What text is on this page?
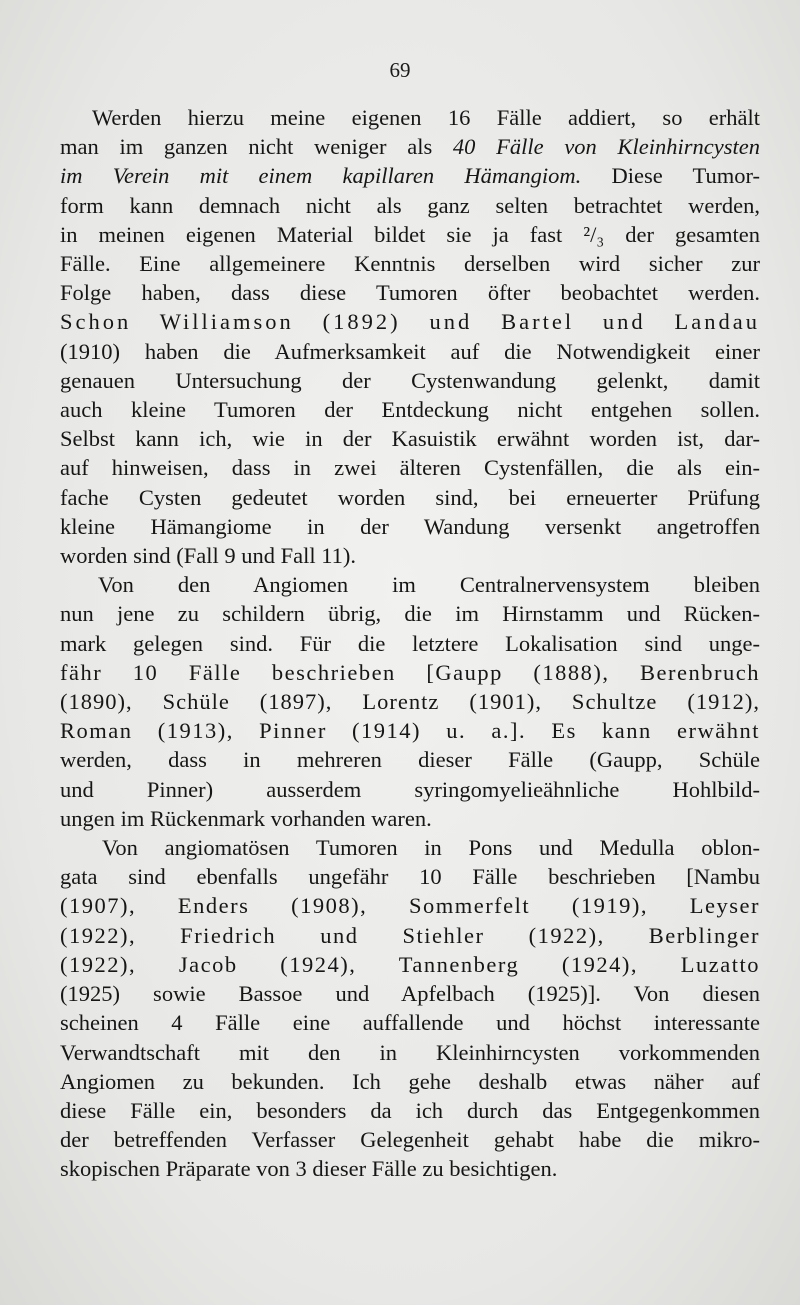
69

Werden hierzu meine eigenen 16 Fälle addiert, so erhält
man im ganzen nicht weniger als 40 Fälle von Kleinhirncysten
im Verein mit einem kapillaren Hämangiom. Diese Tumor-
form kann demnach nicht als ganz selten betrachtet werden,
in meinen eigenen Material bildet sie ja fast ²/₃ der gesamten
Fälle. Eine allgemeinere Kenntnis derselben wird sicher zur
Folge haben, dass diese Tumoren öfter beobachtet werden.
Schon Williamson (1892) und Bartel und Landau
(1910) haben die Aufmerksamkeit auf die Notwendigkeit einer
genauen Untersuchung der Cystenwandung gelenkt, damit
auch kleine Tumoren der Entdeckung nicht entgehen sollen.
Selbst kann ich, wie in der Kasuistik erwähnt worden ist, dar-
auf hinweisen, dass in zwei älteren Cystenfällen, die als ein-
fache Cysten gedeutet worden sind, bei erneuerter Prüfung
kleine Hämangiome in der Wandung versenkt angetroffen
worden sind (Fall 9 und Fall 11).

Von den Angiomen im Centralnervensystem bleiben
nun jene zu schildern übrig, die im Hirnstamm und Rücken-
mark gelegen sind. Für die letztere Lokalisation sind unge-
fähr 10 Fälle beschrieben [Gaupp (1888), Berenbruch
(1890), Schüle (1897), Lorentz (1901), Schultze (1912),
Roman (1913), Pinner (1914) u. a.]. Es kann erwähnt
werden, dass in mehreren dieser Fälle (Gaupp, Schüle
und Pinner) ausserdem syringomyelieähnliche Hohlbild-
ungen im Rückenmark vorhanden waren.

Von angiomatösen Tumoren in Pons und Medulla oblon-
gata sind ebenfalls ungefähr 10 Fälle beschrieben [Nambu
(1907), Enders (1908), Sommerfelt (1919), Leyser
(1922), Friedrich und Stiehler (1922), Berblinger
(1922), Jacob (1924), Tannenberg (1924), Luzatto
(1925) sowie Bassoe und Apfelbach (1925)]. Von diesen
scheinen 4 Fälle eine auffallende und höchst interessante
Verwandtschaft mit den in Kleinhirncysten vorkommenden
Angiomen zu bekunden. Ich gehe deshalb etwas näher auf
diese Fälle ein, besonders da ich durch das Entgegenkommen
der betreffenden Verfasser Gelegenheit gehabt habe die mikro-
skopischen Präparate von 3 dieser Fälle zu besichtigen.
